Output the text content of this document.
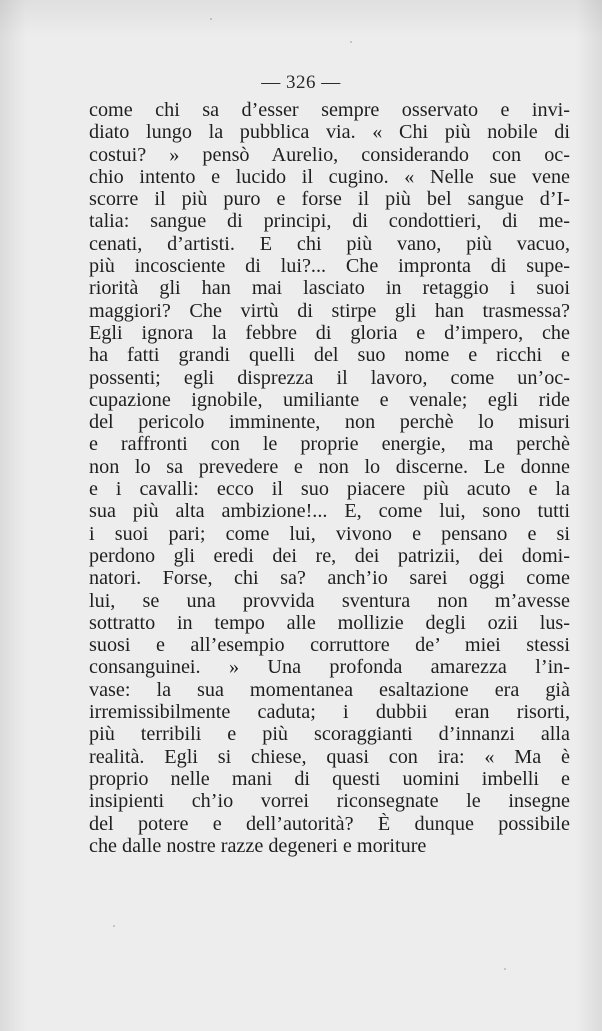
— 326 —
come chi sa d’esser sempre osservato e invi-
diato lungo la pubblica via. « Chi più nobile di
costui? » pensò Aurelio, considerando con oc-
chio intento e lucido il cugino. « Nelle sue vene
scorre il più puro e forse il più bel sangue d’I-
talia: sangue di principi, di condottieri, di me-
cenati, d’artisti. E chi più vano, più vacuo,
più incosciente di lui?... Che impronta di supe-
riorità gli han mai lasciato in retaggio i suoi
maggiori? Che virtù di stirpe gli han trasmessa?
Egli ignora la febbre di gloria e d’impero, che
ha fatti grandi quelli del suo nome e ricchi e
possenti; egli disprezza il lavoro, come un’oc-
cupazione ignobile, umiliante e venale; egli ride
del pericolo imminente, non perchè lo misuri
e raffronti con le proprie energie, ma perchè
non lo sa prevedere e non lo discerne. Le donne
e i cavalli: ecco il suo piacere più acuto e la
sua più alta ambizione!... E, come lui, sono tutti
i suoi pari; come lui, vivono e pensano e si
perdono gli eredi dei re, dei patrizii, dei domi-
natori. Forse, chi sa? anch’io sarei oggi come
lui, se una provvida sventura non m’avesse
sottratto in tempo alle mollizie degli ozii lus-
suosi e all’esempio corruttore de’ miei stessi
consanguinei. » Una profonda amarezza l’in-
vase: la sua momentanea esaltazione era già
irremissibilmente caduta; i dubbii eran risorti,
più terribili e più scoraggianti d’innanzi alla
realità. Egli si chiese, quasi con ira: « Ma è
proprio nelle mani di questi uomini imbelli e
insipienti ch’io vorrei riconsegnate le insegne
del potere e dell’autorità? È dunque possibile
che dalle nostre razze degeneri e moriture
